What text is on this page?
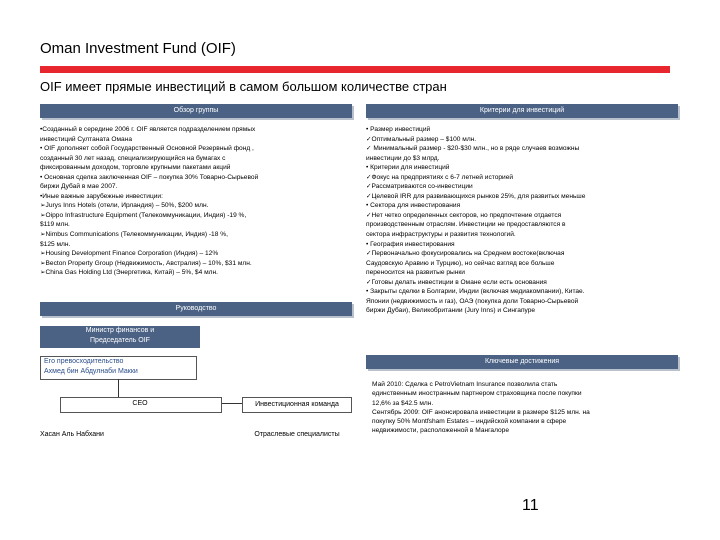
Oman Investment Fund (OIF)
OIF имеет прямые инвестиций в самом большом количестве стран
Обзор группы
•Созданный в середине 2006 г. OIF является подразделением прямых
инвестиций Султаната Омана
• OIF дополняет собой Государственный Основной Резервный фонд ,
созданный 30 лет назад, специализирующийся на бумагах с
фиксированным доходом, торговле крупными пакетами акций
• Основная сделка заключенная OIF – покупка 30% Товарно-Сырьевой
биржи Дубай в мае 2007.
•Иные важные зарубежные инвестиции:
➢Jurys Inns Hotels (отели, Ирландия) – 50%, $200 млн.
➢Oippo Infrastructure Equipment (Телекоммуникации, Индия) -19 %,
$119 млн.
➢Nimbus Communications (Телекоммуникации, Индия) -18 %,
$125 млн.
➢Housing Development Finance Corporation (Индия) – 12%
➢Beсton Property Group (Недвижимость, Австралия) – 10%, $31 млн.
➢China Gas Holding Ltd (Энергетика, Китай) – 5%, $4 млн.
Критерии для инвестиций
• Размер инвестиций
✓Оптимальный размер – $100 млн.
✓ Минимальный размер - $20-$30 млн., но в ряде случаев возможны
инвестиции до $3 млрд.
• Критерии для инвестиций
✓Фокус на предприятиях с 6-7 летней историей
✓Рассматриваются со-инвестиции
✓Целевой IRR для развивающихся рынков 25%, для развитых меньше
• Сектора для инвестирования
✓Нет четко определенных секторов, но предпочтение отдается
производственным отраслям. Инвестиции не предоставляются в
сектора инфраструктуры и развития технологий.
• География инвестирования
✓Первоначально фокусировались на Среднем востоке(включая
Саудовскую Аравию и Турцию), но сейчас взгляд все больше
переносится на развитые рынки
✓Готовы делать инвестиции в Омане если есть основания
• Закрыты сделки в Болгарии, Индии (включая медиакомпании), Китае.
Японии (недвижимость и газ), ОАЭ (покупка доли Товарно-Сырьевой
биржи Дубаи), Великобритании (Jury Inns) и Сингапуре
Руководство
Министр финансов и
Председатель OIF
Его превосходительство
Ахмед бин Абдулнаби Макки
CEO
Хасан Аль Набхани
Инвестиционная команда
Отраслевые специалисты
Ключевые достижения
Май 2010: Сделка с PetroVietnam Insurance позволила стать
единственным иностранным партнером страховщика после покупки
12,6% за $42.5 млн.
Сентябрь 2009: OIF анонсировала инвестиции в размере $125 млн. на
покупку 50% Mоntfsham Estates – индийской компании в сфере
недвижимости, расположенной в Мангалоре
11
